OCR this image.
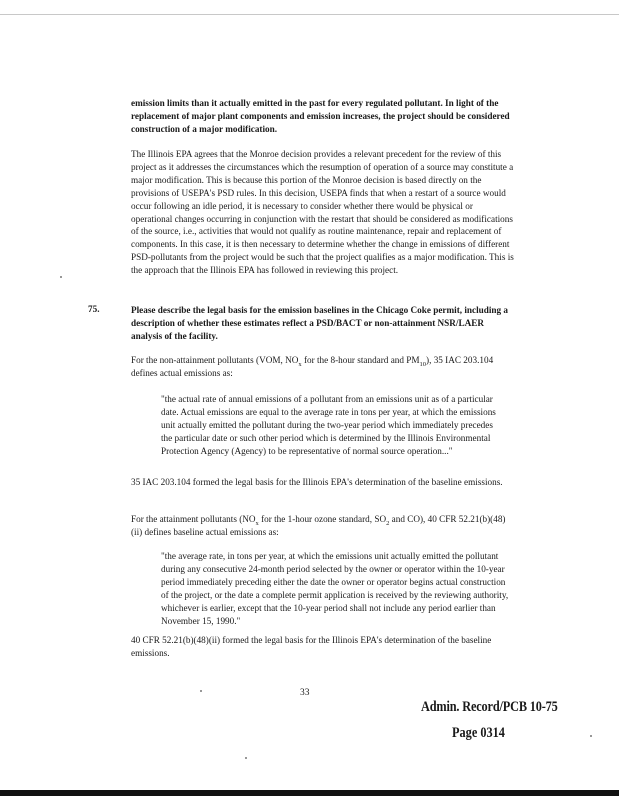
emission limits than it actually emitted in the past for every regulated pollutant. In light of the replacement of major plant components and emission increases, the project should be considered construction of a major modification.

The Illinois EPA agrees that the Monroe decision provides a relevant precedent for the review of this project as it addresses the circumstances which the resumption of operation of a source may constitute a major modification. This is because this portion of the Monroe decision is based directly on the provisions of USEPA's PSD rules. In this decision, USEPA finds that when a restart of a source would occur following an idle period, it is necessary to consider whether there would be physical or operational changes occurring in conjunction with the restart that should be considered as modifications of the source, i.e., activities that would not qualify as routine maintenance, repair and replacement of components. In this case, it is then necessary to determine whether the change in emissions of different PSD-pollutants from the project would be such that the project qualifies as a major modification. This is the approach that the Illinois EPA has followed in reviewing this project.

75.	Please describe the legal basis for the emission baselines in the Chicago Coke permit, including a description of whether these estimates reflect a PSD/BACT or non-attainment NSR/LAER analysis of the facility.

For the non-attainment pollutants (VOM, $NO_x$ for the 8-hour standard and $PM_{10}$), 35 IAC 203.104 defines actual emissions as:

"the actual rate of annual emissions of a pollutant from an emissions unit as of a particular date. Actual emissions are equal to the average rate in tons per year, at which the emissions unit actually emitted the pollutant during the two-year period which immediately precedes the particular date or such other period which is determined by the Illinois Environmental Protection Agency (Agency) to be representative of normal source operation..."

35 IAC 203.104 formed the legal basis for the Illinois EPA's determination of the baseline emissions.

For the attainment pollutants ($NO_x$ for the 1-hour ozone standard, $SO_2$ and CO), 40 CFR 52.21(b)(48)(ii) defines baseline actual emissions as:

"the average rate, in tons per year, at which the emissions unit actually emitted the pollutant during any consecutive 24-month period selected by the owner or operator within the 10-year period immediately preceding either the date the owner or operator begins actual construction of the project, or the date a complete permit application is received by the reviewing authority, whichever is earlier, except that the 10-year period shall not include any period earlier than November 15, 1990."

40 CFR 52.21(b)(48)(ii) formed the legal basis for the Illinois EPA's determination of the baseline emissions.

33
Admin. Record/PCB 10-75
Page 0314
